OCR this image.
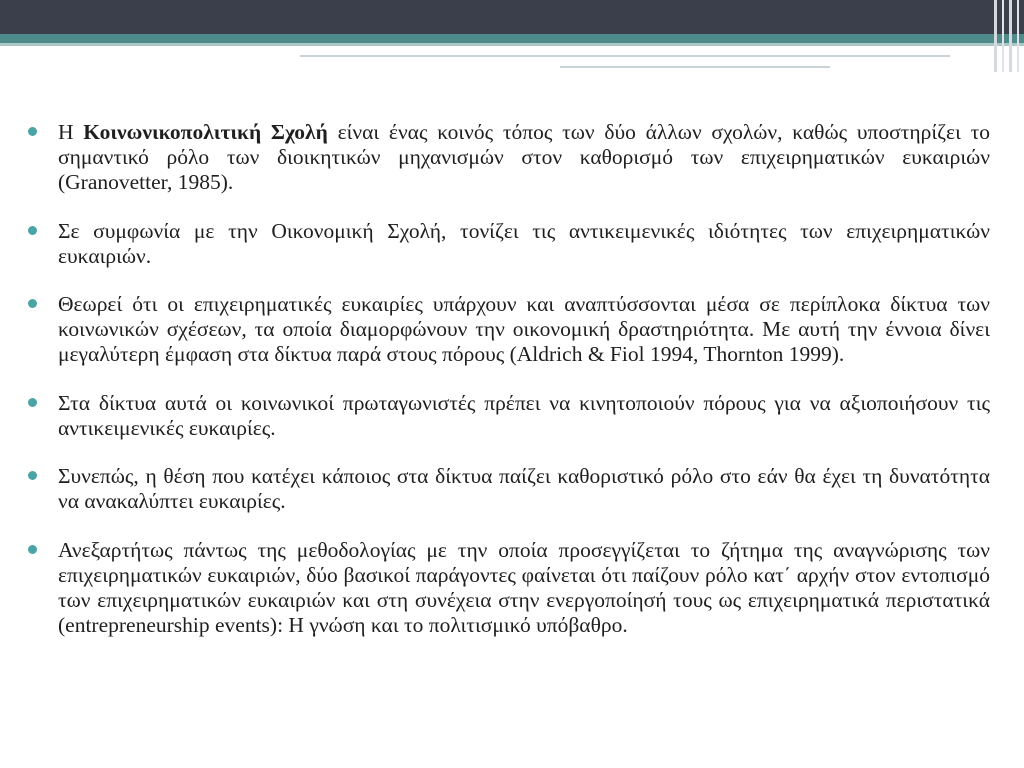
Η Κοινωνικοπολιτική Σχολή είναι ένας κοινός τόπος των δύο άλλων σχολών, καθώς υποστηρίζει το σημαντικό ρόλο των διοικητικών μηχανισμών στον καθορισμό των επιχειρηματικών ευκαιριών (Granovetter, 1985).
Σε συμφωνία με την Οικονομική Σχολή, τονίζει τις αντικειμενικές ιδιότητες των επιχειρηματικών ευκαιριών.
Θεωρεί ότι οι επιχειρηματικές ευκαιρίες υπάρχουν και αναπτύσσονται μέσα σε περίπλοκα δίκτυα των κοινωνικών σχέσεων, τα οποία διαμορφώνουν την οικονομική δραστηριότητα. Με αυτή την έννοια δίνει μεγαλύτερη έμφαση στα δίκτυα παρά στους πόρους (Aldrich & Fiol 1994, Thornton 1999).
Στα δίκτυα αυτά οι κοινωνικοί πρωταγωνιστές πρέπει να κινητοποιούν πόρους για να αξιοποιήσουν τις αντικειμενικές ευκαιρίες.
Συνεπώς, η θέση που κατέχει κάποιος στα δίκτυα παίζει καθοριστικό ρόλο στο εάν θα έχει τη δυνατότητα να ανακαλύπτει ευκαιρίες.
Ανεξαρτήτως πάντως της μεθοδολογίας με την οποία προσεγγίζεται το ζήτημα της αναγνώρισης των επιχειρηματικών ευκαιριών, δύο βασικοί παράγοντες φαίνεται ότι παίζουν ρόλο κατ΄ αρχήν στον εντοπισμό των επιχειρηματικών ευκαιριών και στη συνέχεια στην ενεργοποίησή τους ως επιχειρηματικά περιστατικά (entrepreneurship events): Η γνώση και το πολιτισμικό υπόβαθρο.
